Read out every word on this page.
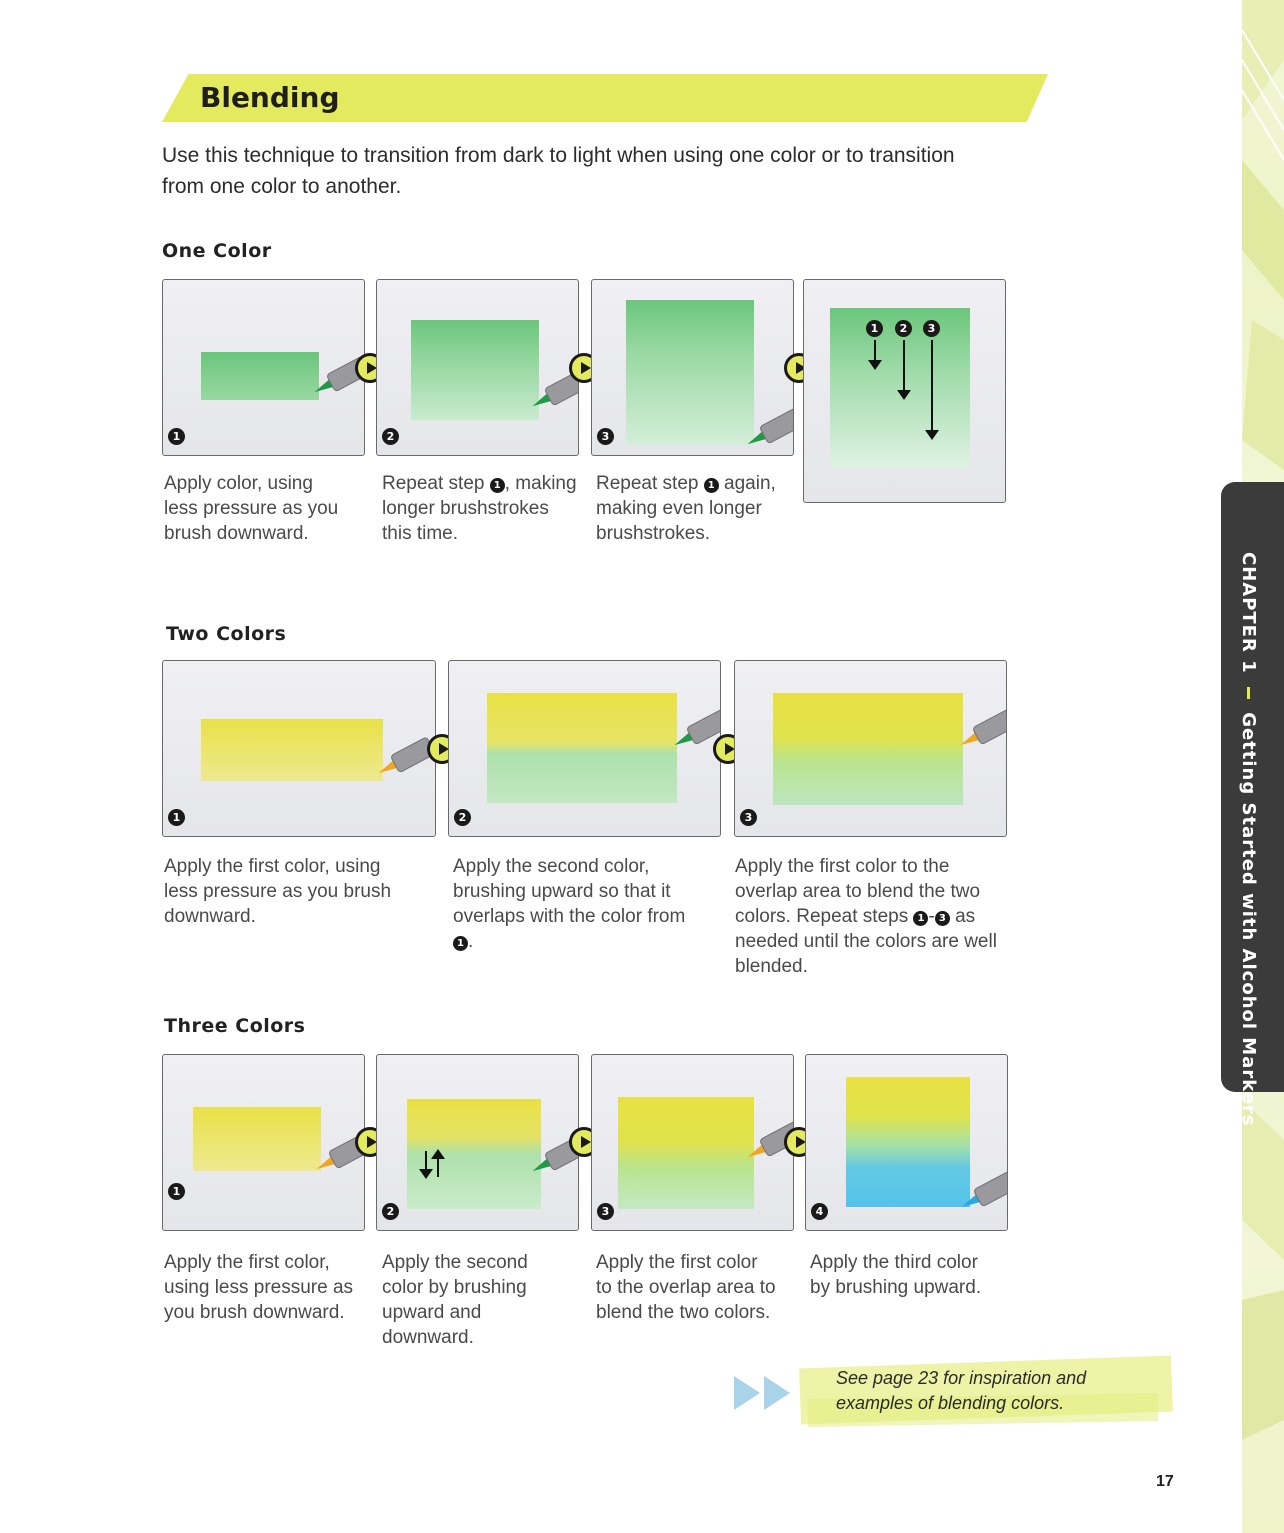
CHAPTER 1  Getting Started with Alcohol Markers
Blending
Use this technique to transition from dark to light when using one color or to transition from one color to another.
One Color
1	2	3
1	2	3
Apply color, using
less pressure as you
brush downward.
Repeat step 1 , making
longer brushstrokes
this time.
Repeat step 1 again,
making even longer
brushstrokes.
Two Colors
1	2	3
Apply the first color, using
less pressure as you brush
downward.
Apply the second color,
brushing upward so that it
overlaps with the color from
1 .
Apply the first color to the
overlap area to blend the two
colors. Repeat steps 1 - 3 as
needed until the colors are well
blended.
Three Colors
1
2	3	4
Apply the first color,
using less pressure as
you brush downward.
Apply the second
color by brushing
upward and
downward.
Apply the first color
to the overlap area to
blend the two colors.
Apply the third color
by brushing upward.
See page 23 for inspiration and
examples of blending colors.
17
